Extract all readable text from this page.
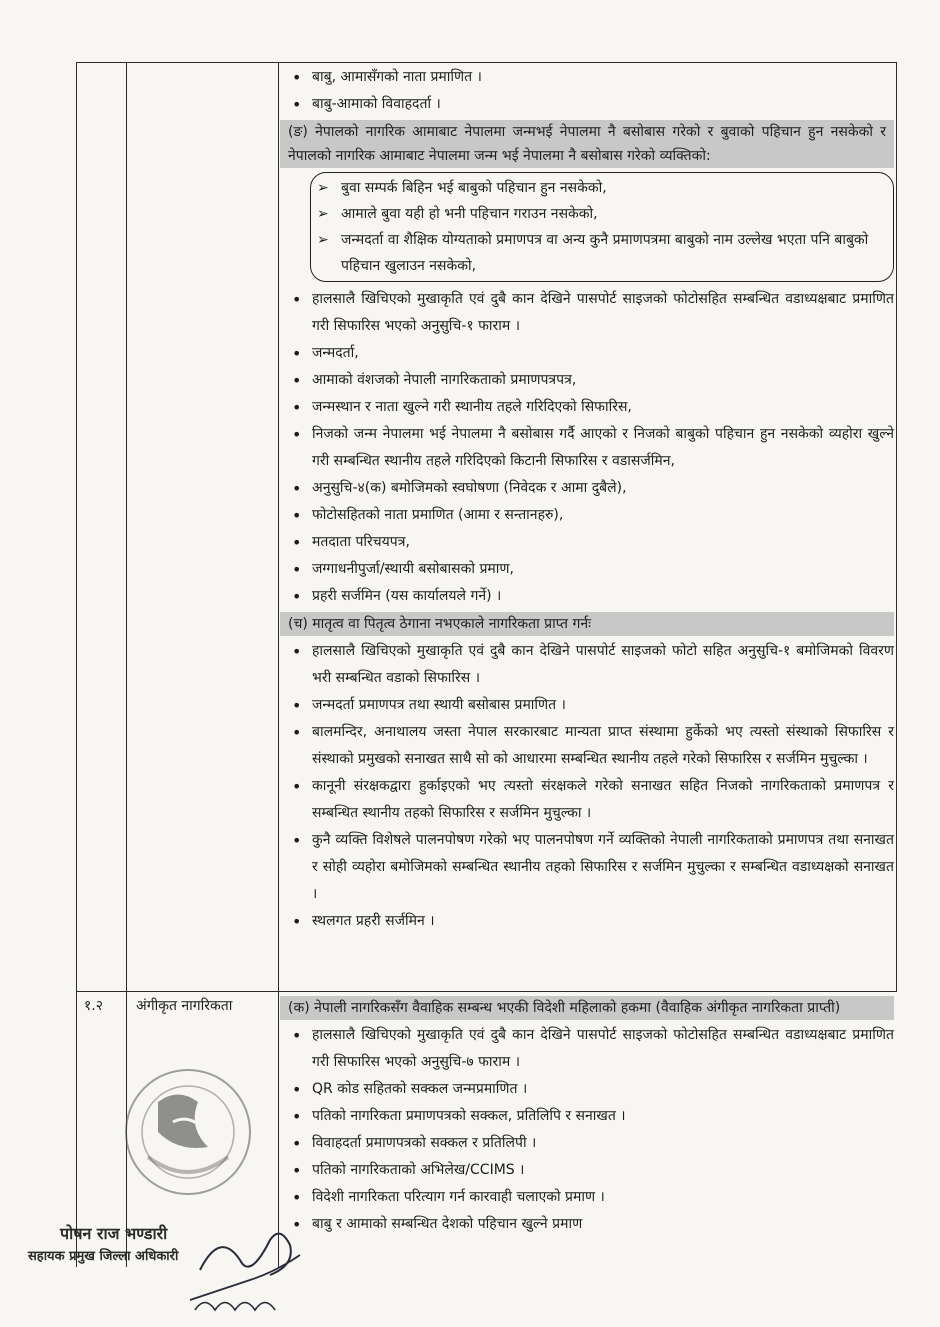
• बाबु, आमासँगको नाता प्रमाणित ।
• बाबु-आमाको विवाहदर्ता ।
(ङ) नेपालको नागरिक आमाबाट नेपालमा जन्मभई नेपालमा नै बसोबास गरेको र बुवाको पहिचान हुन नसकेको र नेपालको नागरिक आमाबाट नेपालमा जन्म भई नेपालमा नै बसोबास गरेको व्यक्तिको:
➢ बुवा सम्पर्क बिहिन भई बाबुको पहिचान हुन नसकेको,
➢ आमाले बुवा यही हो भनी पहिचान गराउन नसकेको,
➢ जन्मदर्ता वा शैक्षिक योग्यताको प्रमाणपत्र वा अन्य कुनै प्रमाणपत्रमा बाबुको नाम उल्लेख भएता पनि बाबुको पहिचान खुलाउन नसकेको,
• हालसालै खिचिएको मुखाकृति एवं दुबै कान देखिने पासपोर्ट साइजको फोटोसहित सम्बन्धित वडाध्यक्षबाट प्रमाणित गरी सिफारिस भएको अनुसुचि-१ फाराम ।
• जन्मदर्ता,
• आमाको वंशजको नेपाली नागरिकताको प्रमाणपत्रपत्र,
• जन्मस्थान र नाता खुल्ने गरी स्थानीय तहले गरिदिएको सिफारिस,
• निजको जन्म नेपालमा भई नेपालमा नै बसोबास गर्दै आएको र निजको बाबुको पहिचान हुन नसकेको व्यहोरा खुल्ने गरी सम्बन्धित स्थानीय तहले गरिदिएको किटानी सिफारिस र वडासर्जमिन,
• अनुसुचि-४(क) बमोजिमको स्वघोषणा (निवेदक र आमा दुबैले),
• फोटोसहितको नाता प्रमाणित (आमा र सन्तानहरु),
• मतदाता परिचयपत्र,
• जग्गाधनीपुर्जा/स्थायी बसोबासको प्रमाण,
• प्रहरी सर्जमिन (यस कार्यालयले गर्ने) ।
(च) मातृत्व वा पितृत्व ठेगाना नभएकाले नागरिकता प्राप्त गर्नः
• हालसालै खिचिएको मुखाकृति एवं दुबै कान देखिने पासपोर्ट साइजको फोटो सहित अनुसुचि-१ बमोजिमको विवरण भरी सम्बन्धित वडाको सिफारिस ।
• जन्मदर्ता प्रमाणपत्र तथा स्थायी बसोबास प्रमाणित ।
• बालमन्दिर, अनाथालय जस्ता नेपाल सरकारबाट मान्यता प्राप्त संस्थामा हुर्केको भए त्यस्तो संस्थाको सिफारिस र संस्थाको प्रमुखको सनाखत साथै सो को आधारमा सम्बन्धित स्थानीय तहले गरेको सिफारिस र सर्जमिन मुचुल्का ।
• कानूनी संरक्षकद्वारा हुर्काइएको भए त्यस्तो संरक्षकले गरेको सनाखत सहित निजको नागरिकताको प्रमाणपत्र र सम्बन्धित स्थानीय तहको सिफारिस र सर्जमिन मुचुल्का ।
• कुनै व्यक्ति विशेषले पालनपोषण गरेको भए पालनपोषण गर्ने व्यक्तिको नेपाली नागरिकताको प्रमाणपत्र तथा सनाखत र सोही व्यहोरा बमोजिमको सम्बन्धित स्थानीय तहको सिफारिस र सर्जमिन मुचुल्का र सम्बन्धित वडाध्यक्षको सनाखत ।
• स्थलगत प्रहरी सर्जमिन ।
१.२ अंगीकृत नागरिकता	(क) नेपाली नागरिकसँग वैवाहिक सम्बन्ध भएकी विदेशी महिलाको हकमा (वैवाहिक अंगीकृत नागरिकता प्राप्ती)
• हालसालै खिचिएको मुखाकृति एवं दुबै कान देखिने पासपोर्ट साइजको फोटोसहित सम्बन्धित वडाध्यक्षबाट प्रमाणित गरी सिफारिस भएको अनुसुचि-७ फाराम ।
• QR कोड सहितको सक्कल जन्मप्रमाणित ।
• पतिको नागरिकता प्रमाणपत्रको सक्कल, प्रतिलिपि र सनाखत ।
• विवाहदर्ता प्रमाणपत्रको सक्कल र प्रतिलिपी ।
• पतिको नागरिकताको अभिलेख/CCIMS ।
• विदेशी नागरिकता परित्याग गर्न कारवाही चलाएको प्रमाण ।
• बाबु र आमाको सम्बन्धित देशको पहिचान खुल्ने प्रमाण
पोषन राज भण्डारी
सहायक प्रमुख जिल्ला अधिकारी
